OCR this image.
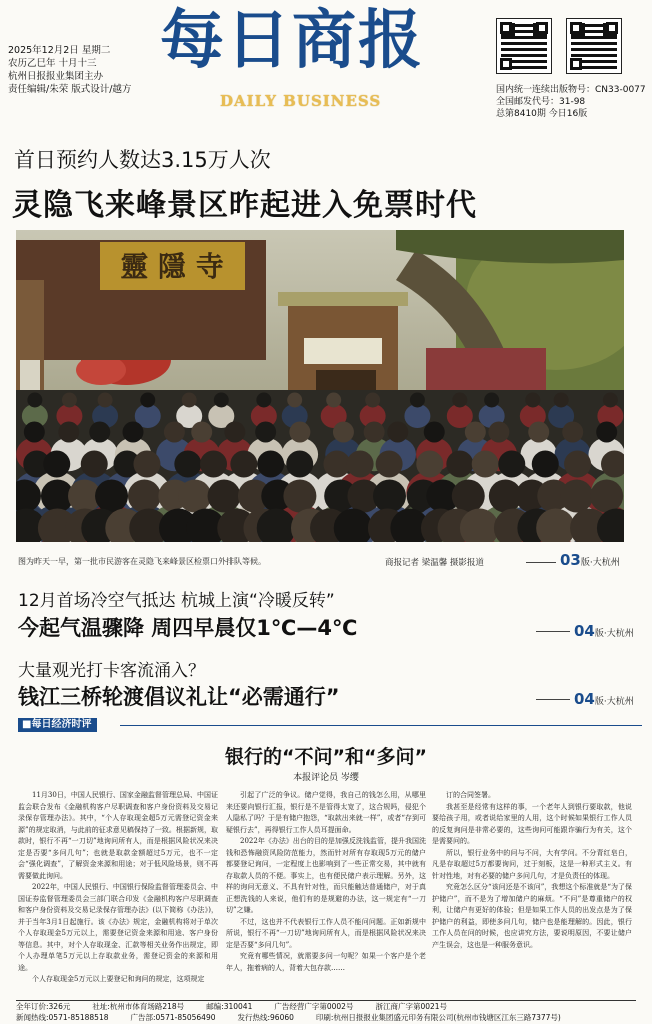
2025年12月2日 星期二
农历乙巳年 十月十三
杭州日报报业集团主办
责任编辑/朱荣 版式设计/越方
每日商报
DAILY BUSINESS
国内统一连续出版物号：CN33-0077
全国邮发代号：31-98
总第8410期 今日16版
首日预约人数达3.15万人次
灵隐飞来峰景区昨起进入免票时代
靈 隱 寺
图为昨天一早，第一批市民游客在灵隐飞来峰景区检票口外排队等候。	商报记者 梁温馨 摄影报道	03版·大杭州
12月首场冷空气抵达 杭城上演“冷暖反转”
今起气温骤降 周四早晨仅1℃—4℃	04版·大杭州
大量观光打卡客流涌入？
钱江三桥轮渡倡议礼让“必需通行”	04版·大杭州
■每日经济时评
银行的“不问”和“多问”
本报评论员 岑缨

11月30日，中国人民银行、国家金融监督管理总局、中国证监会联合发布《金融机构客户尽职调查和客户身份资料及交易记录保存管理办法》。其中，“个人存取现金超5万元需登记资金来源”的规定取消，与此前的征求意见稿保持了一致。根据新规，取款时，银行不再“一刀切”地询问所有人，而是根据风险状况来决定是否要“多问几句”；也就是取款金额超过5万元，也不一定会“强化调查”，了解资金来源和用途；对于低风险场景，则不再需要做此询问。

2022年，中国人民银行、中国银行保险监督管理委员会、中国证券监督管理委员会三部门联合印发《金融机构客户尽职调查和客户身份资料及交易记录保存管理办法》(以下简称《办法》)，并于当年3月1日起施行。该《办法》规定，金融机构将对于单次个人存取现金5万元以上，需要登记资金来源和用途、客户身份等信息。其中，对个人存取现金、汇款等相关业务作出规定，即个人办理单笔5万元以上存取款业务，需登记资金的来源和用途。

个人存取现金5万元以上要登记和询问的规定，这项规定

引起了广泛的争议。储户觉得，我自己的钱怎么用，从哪里来还要向银行汇报，银行是不是管得太宽了，这合规吗，侵犯个人隐私了吗？于是有储户抱怨，“取款出来就一样”，或者“存到可疑银行去”，再得银行工作人员耳提面命。

2022年《办法》出台的目的是加强反洗钱监管，提升我国洗钱和恐怖融资风险防范能力，然而针对所有存取现5万元的储户都要登记询问，一定程度上也影响到了一些正常交易，其中就有存取款人员的不便。事实上，也有便民储户表示理解。另外，这样的询问无意义、不具有针对性，而只能触达普通储户，对于真正想洗钱的人来说，他们有的是规避的办法，这一规定有“一刀切”之嫌。

不过，这也并不代表银行工作人员不能问问题。正如新规中所说，银行不再“一刀切”地询问所有人，而是根据风险状况来决定是否要“多问几句”。

究竟有哪些情况，就需要多问一句呢？如果一个客户是个老年人，拖着病的人，背着大包存款……

订的合同签署。

我甚至是经常有这样的事，一个老年人到银行要取款，他说要给孩子用，或者说给家里的人用，这个时候如果银行工作人员的反复询问是非常必要的，这些询问可能跟诈骗行为有关，这个是需要问的。

所以，银行业务中的问与不问，大有学问。不分青红皂白，凡是存取超过5万都要询问，过于刻板，这是一种形式主义。有针对性地，对有必要的储户多问几句，才是负责任的体现。

究竟怎么区分“该问还是不该问”，我想这个标准就是“为了保护储户”，而不是为了增加储户的麻烦。“不问”是尊重储户的权利，让储户有更好的体验；但是如果工作人员的出发点是为了保护储户的利益，即使多问几句，储户也是能理解的。因此，银行工作人员在问的时候，也应讲究方法，要说明原因，不要让储户产生误会，这也是一种服务意识。

全年订价:326元	社址:杭州市体育场路218号	邮编:310041	广告经营广字第0002号	浙江商广字第0021号
新闻热线:0571-85188518	广告部:0571-85056490	发行热线:96060	印刷:杭州日报报业集团盛元印务有限公司(杭州市钱塘区江东三路7377号)
